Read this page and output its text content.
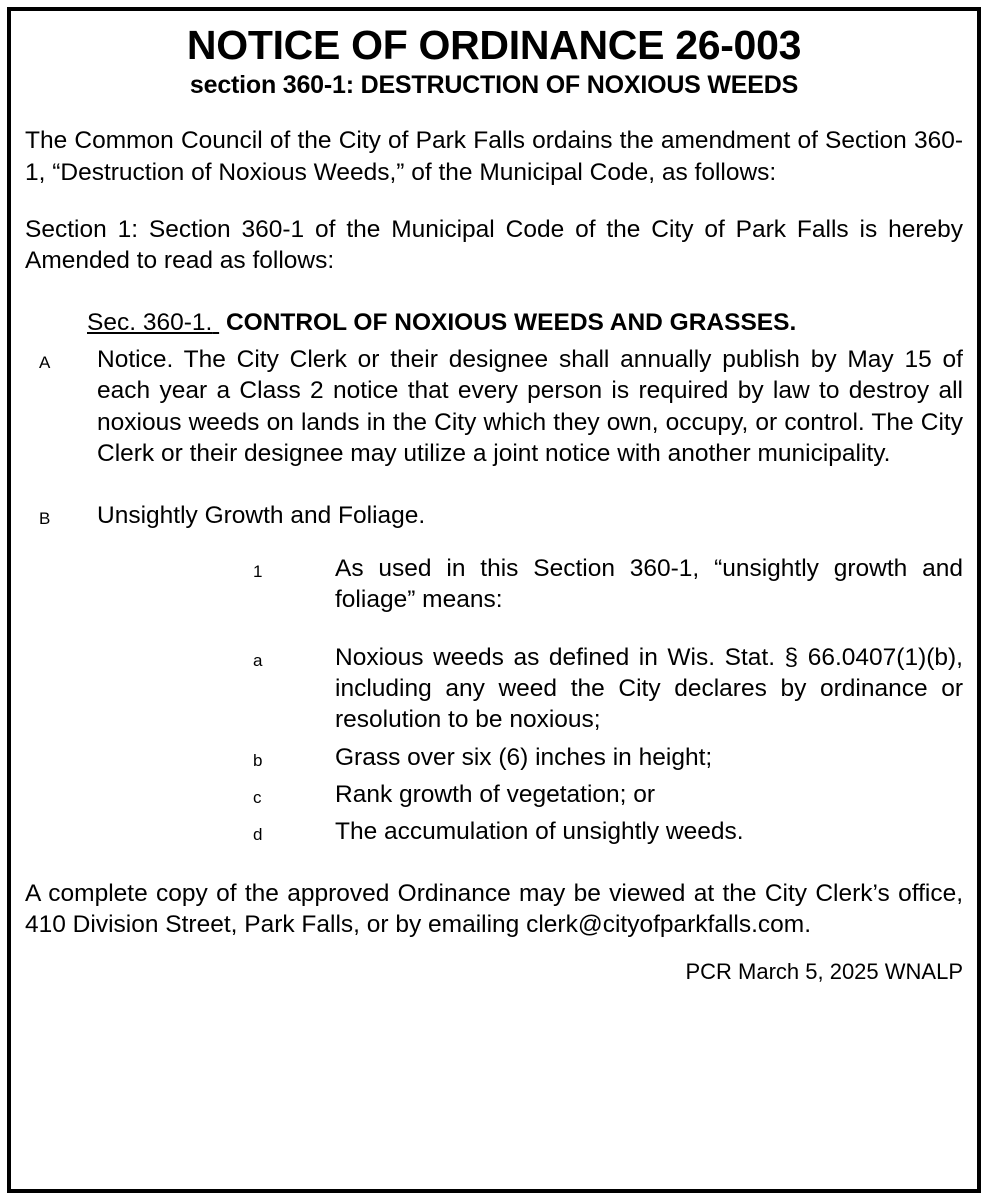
NOTICE OF ORDINANCE 26-003
section 360-1: DESTRUCTION OF NOXIOUS WEEDS
The Common Council of the City of Park Falls ordains the amendment of Section 360-1, “Destruction of Noxious Weeds,” of the Municipal Code, as follows:
Section 1: Section 360-1 of the Municipal Code of the City of Park Falls is hereby Amended to read as follows:
Sec. 360-1. CONTROL OF NOXIOUS WEEDS AND GRASSES.
A	Notice. The City Clerk or their designee shall annually publish by May 15 of each year a Class 2 notice that every person is required by law to destroy all noxious weeds on lands in the City which they own, occupy, or control. The City Clerk or their designee may utilize a joint notice with another municipality.
B	Unsightly Growth and Foliage.
1	As used in this Section 360-1, “unsightly growth and foliage” means:
a	Noxious weeds as defined in Wis. Stat. § 66.0407(1)(b), including any weed the City declares by ordinance or resolution to be noxious;
b	Grass over six (6) inches in height;
c	Rank growth of vegetation; or
d	The accumulation of unsightly weeds.
A complete copy of the approved Ordinance may be viewed at the City Clerk’s office, 410 Division Street, Park Falls, or by emailing clerk@cityofparkfalls.com.
PCR March 5, 2025 WNALP
